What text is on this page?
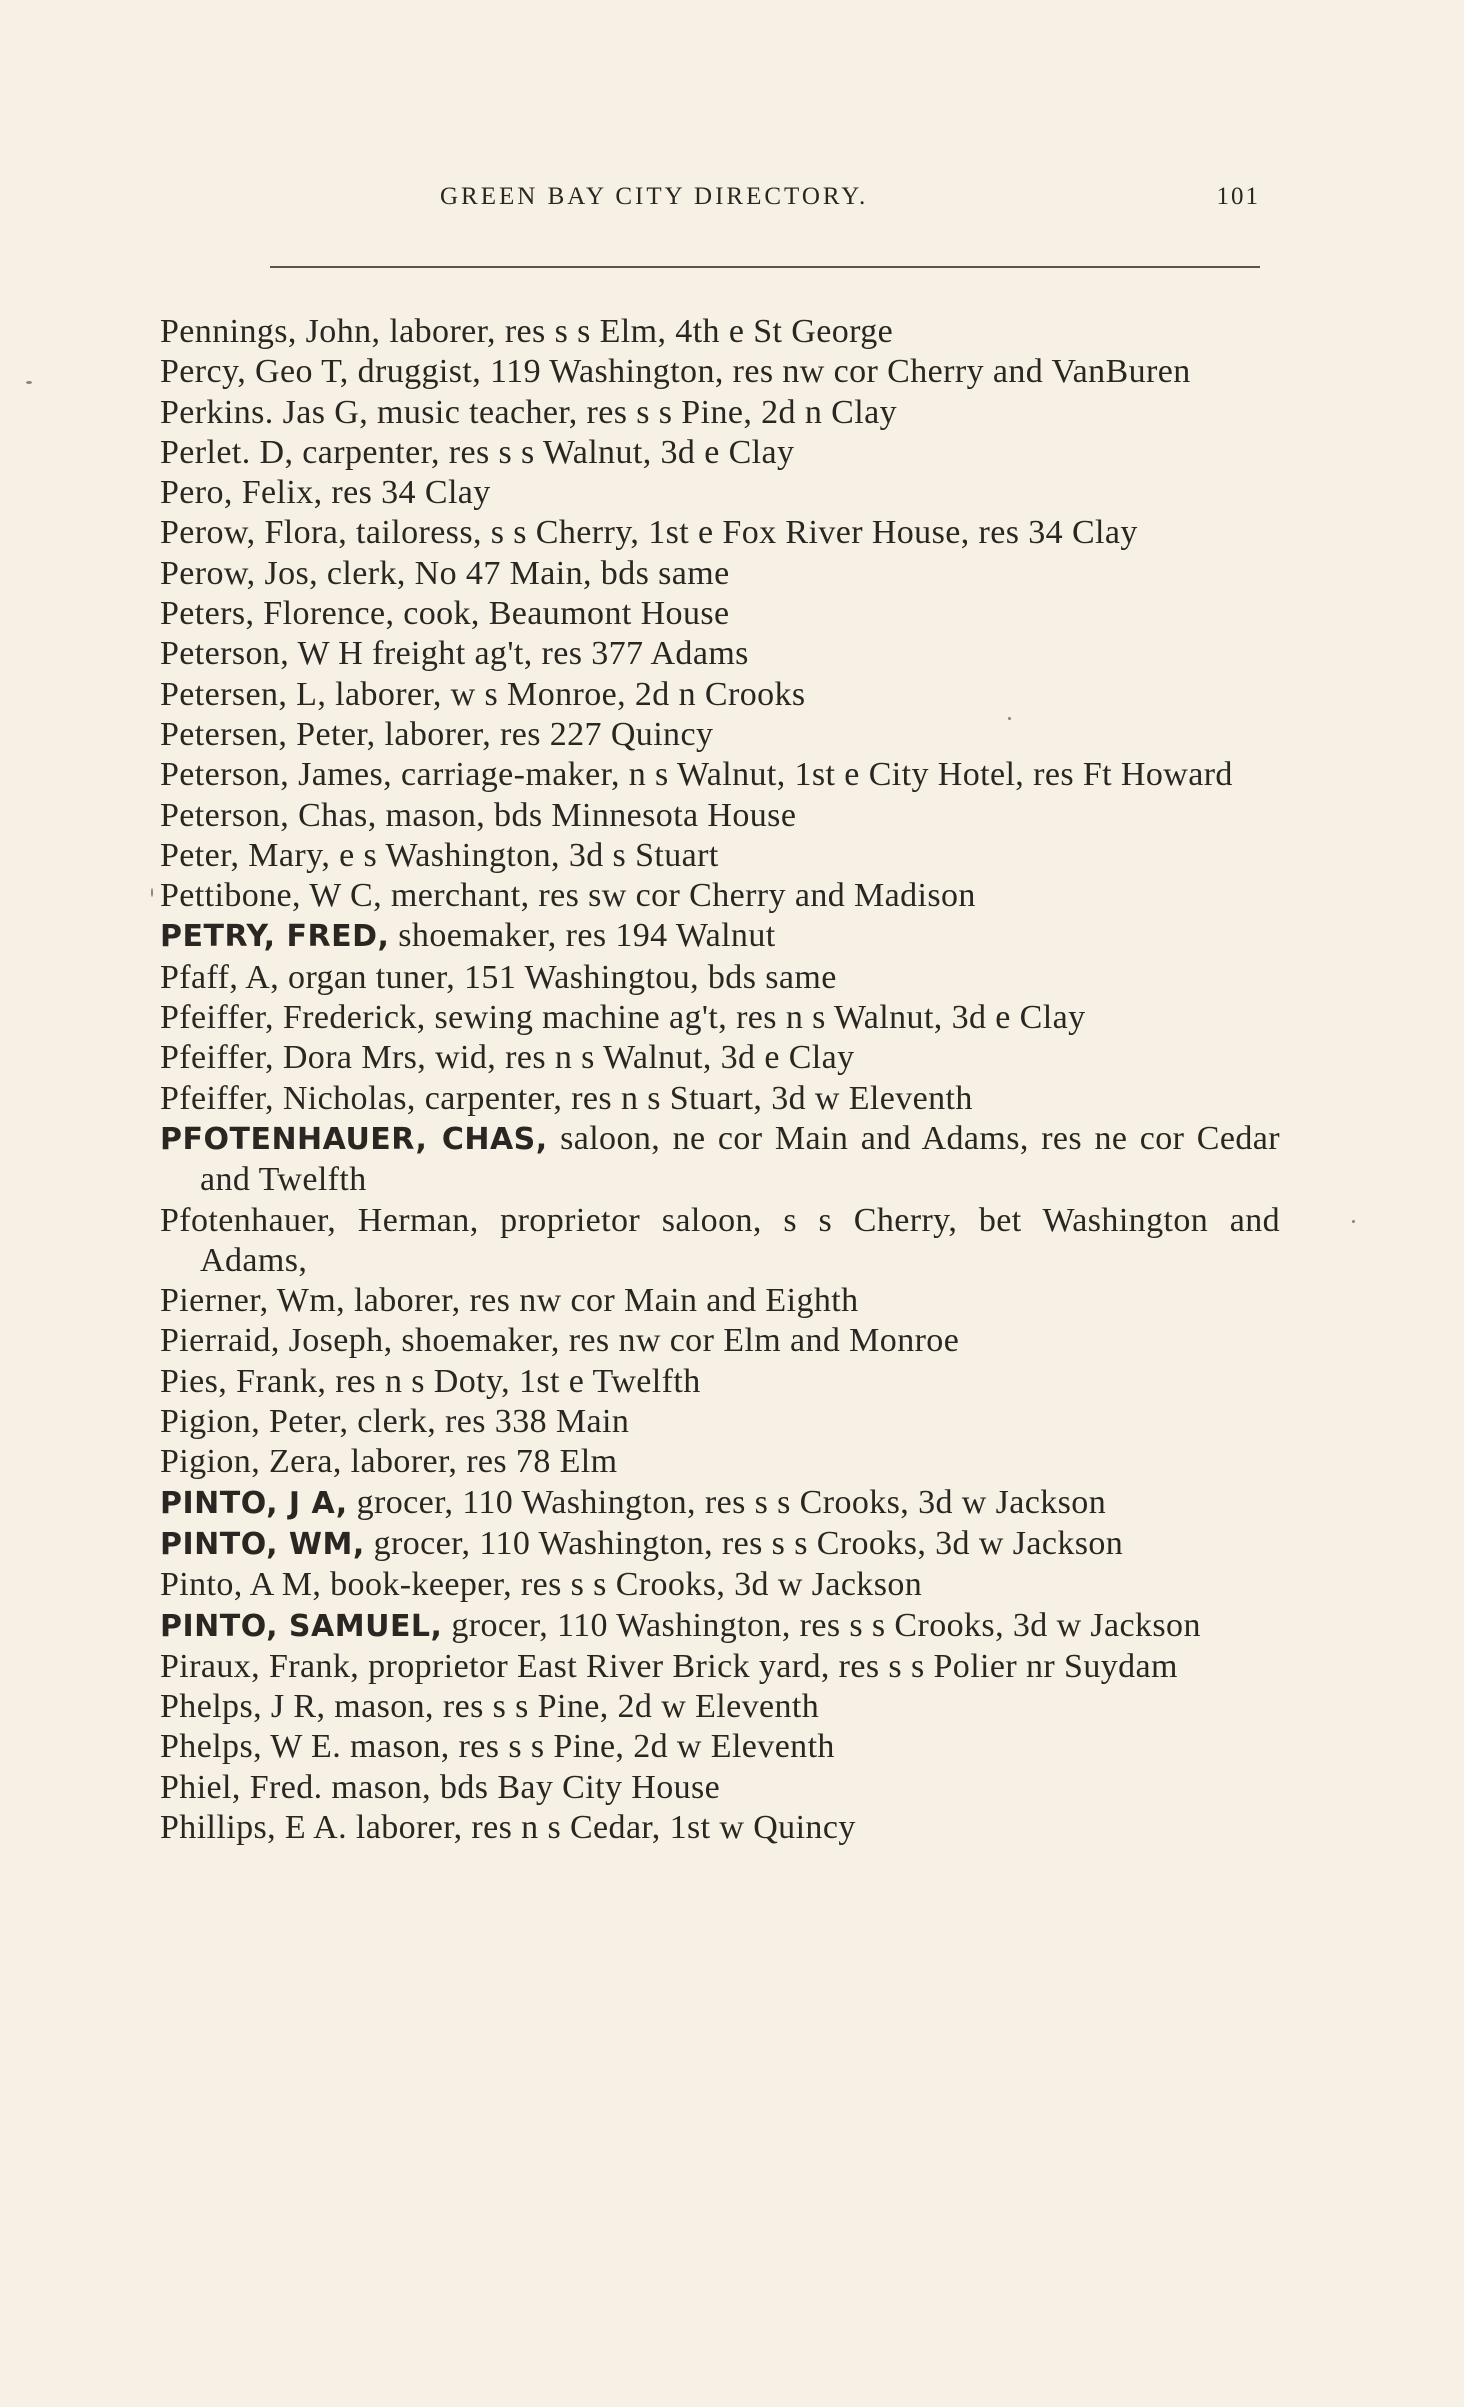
GREEN BAY CITY DIRECTORY.	101
Pennings, John, laborer, res s s Elm, 4th e St George
Percy, Geo T, druggist, 119 Washington, res nw cor Cherry and VanBuren
Perkins. Jas G, music teacher, res s s Pine, 2d n Clay
Perlet. D, carpenter, res s s Walnut, 3d e Clay
Pero, Felix, res 34 Clay
Perow, Flora, tailoress, s s Cherry, 1st e Fox River House, res 34 Clay
Perow, Jos, clerk, No 47 Main, bds same
Peters, Florence, cook, Beaumont House
Peterson, W H freight ag't, res 377 Adams
Petersen, L, laborer, w s Monroe, 2d n Crooks
Petersen, Peter, laborer, res 227 Quincy
Peterson, James, carriage-maker, n s Walnut, 1st e City Hotel, res Ft Howard
Peterson, Chas, mason, bds Minnesota House
Peter, Mary, e s Washington, 3d s Stuart
Pettibone, W C, merchant, res sw cor Cherry and Madison
PETRY, FRED, shoemaker, res 194 Walnut
Pfaff, A, organ tuner, 151 Washingtou, bds same
Pfeiffer, Frederick, sewing machine ag't, res n s Walnut, 3d e Clay
Pfeiffer, Dora Mrs, wid, res n s Walnut, 3d e Clay
Pfeiffer, Nicholas, carpenter, res n s Stuart, 3d w Eleventh
PFOTENHAUER, CHAS, saloon, ne cor Main and Adams, res ne cor Cedar and Twelfth
Pfotenhauer, Herman, proprietor saloon, s s Cherry, bet Washington and Adams,
Pierner, Wm, laborer, res nw cor Main and Eighth
Pierraid, Joseph, shoemaker, res nw cor Elm and Monroe
Pies, Frank, res n s Doty, 1st e Twelfth
Pigion, Peter, clerk, res 338 Main
Pigion, Zera, laborer, res 78 Elm
PINTO, J A, grocer, 110 Washington, res s s Crooks, 3d w Jackson
PINTO, WM, grocer, 110 Washington, res s s Crooks, 3d w Jackson
Pinto, A M, book-keeper, res s s Crooks, 3d w Jackson
PINTO, SAMUEL, grocer, 110 Washington, res s s Crooks, 3d w Jackson
Piraux, Frank, proprietor East River Brick yard, res s s Polier nr Suydam
Phelps, J R, mason, res s s Pine, 2d w Eleventh
Phelps, W E. mason, res s s Pine, 2d w Eleventh
Phiel, Fred. mason, bds Bay City House
Phillips, E A. laborer, res n s Cedar, 1st w Quincy
